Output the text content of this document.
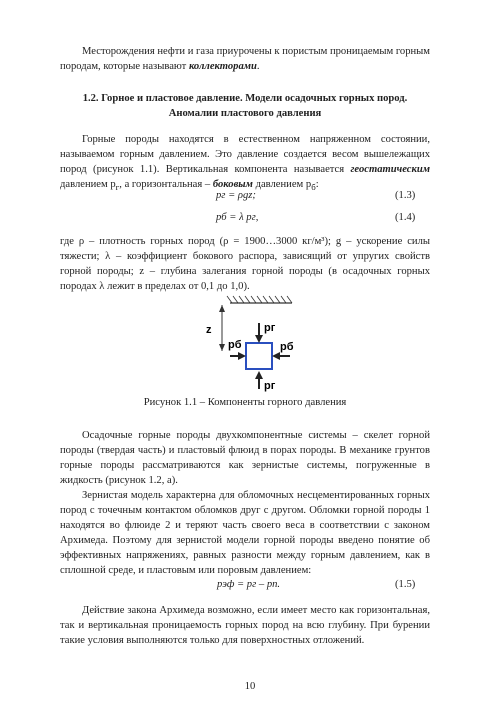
Месторождения нефти и газа приурочены к пористым проницаемым горным породам, которые называют коллекторами.
1.2. Горное и пластовое давление. Модели осадочных горных пород.
Аномалии пластового давления
Горные породы находятся в естественном напряженном состоянии, называемом горным давлением. Это давление создается весом вышележащих пород (рисунок 1.1). Вертикальная компонента называется геостатическим давлением $p_г$, а горизонтальная – боковым давлением $p_б$:
pг = ρgz;	(1.3)
pб = λ pг,	(1.4)
где ρ – плотность горных пород (ρ = 1900…3000 кг/м³); g – ускорение силы тяжести; λ – коэффициент бокового распора, зависящий от упругих свойств горной породы; z – глубина залегания горной породы (в осадочных горных породах λ лежит в пределах от 0,1 до 1,0).
z	pг
pб	pб
pг
Рисунок 1.1 – Компоненты горного давления
Осадочные горные породы двухкомпонентные системы – скелет горной породы (твердая часть) и пластовый флюид в порах породы. В механике грунтов горные породы рассматриваются как зернистые системы, погруженные в жидкость (рисунок 1.2, а).
Зернистая модель характерна для обломочных несцементированных горных пород с точечным контактом обломков друг с другом. Обломки горной породы 1 находятся во флюиде 2 и теряют часть своего веса в соответствии с законом Архимеда. Поэтому для зернистой модели горной породы введено понятие об эффективных напряжениях, равных разности между горным давлением, как в сплошной среде, и пластовым или поровым давлением:
pэф = pг – pп.	(1.5)
Действие закона Архимеда возможно, если имеет место как горизонтальная, так и вертикальная проницаемость горных пород на всю глубину. При бурении такие условия выполняются только для поверхностных отложений.
10
